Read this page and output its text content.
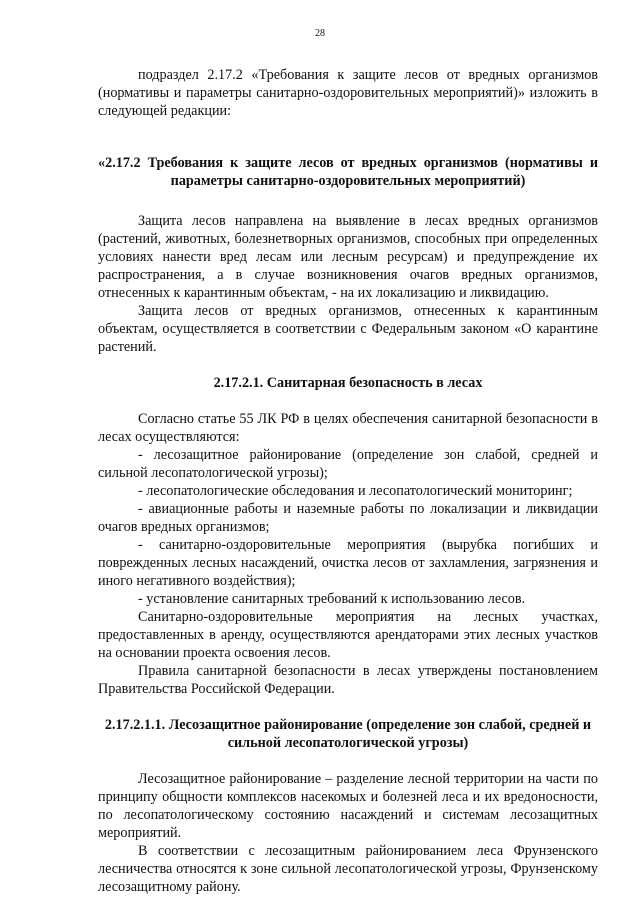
28

подраздел 2.17.2 «Требования к защите лесов от вредных организмов (нормативы и параметры санитарно-оздоровительных мероприятий)» изложить в следующей редакции:

«2.17.2 Требования к защите лесов от вредных организмов (нормативы и параметры санитарно-оздоровительных мероприятий)

Защита лесов направлена на выявление в лесах вредных организмов (растений, животных, болезнетворных организмов, способных при определенных условиях нанести вред лесам или лесным ресурсам) и предупреждение их распространения, а в случае возникновения очагов вредных организмов, отнесенных к карантинным объектам, - на их локализацию и ликвидацию.

Защита лесов от вредных организмов, отнесенных к карантинным объектам, осуществляется в соответствии с Федеральным законом «О карантине растений.

2.17.2.1. Санитарная безопасность в лесах

Согласно статье 55 ЛК РФ в целях обеспечения санитарной безопасности в лесах осуществляются:

- лесозащитное районирование (определение зон слабой, средней и сильной лесопатологической угрозы);

- лесопатологические обследования и лесопатологический мониторинг;

- авиационные работы и наземные работы по локализации и ликвидации очагов вредных организмов;

- санитарно-оздоровительные мероприятия (вырубка погибших и поврежденных лесных насаждений, очистка лесов от захламления, загрязнения и иного негативного воздействия);

- установление санитарных требований к использованию лесов.

Санитарно-оздоровительные мероприятия на лесных участках, предоставленных в аренду, осуществляются арендаторами этих лесных участков на основании проекта освоения лесов.

Правила санитарной безопасности в лесах утверждены постановлением Правительства Российской Федерации.

2.17.2.1.1. Лесозащитное районирование (определение зон слабой, средней и сильной лесопатологической угрозы)

Лесозащитное районирование – разделение лесной территории на части по принципу общности комплексов насекомых и болезней леса и их вредоносности, по лесопатологическому состоянию насаждений и системам лесозащитных мероприятий.

В соответствии с лесозащитным районированием леса Фрунзенского лесничества относятся к зоне сильной лесопатологической угрозы, Фрунзенскому лесозащитному району.
